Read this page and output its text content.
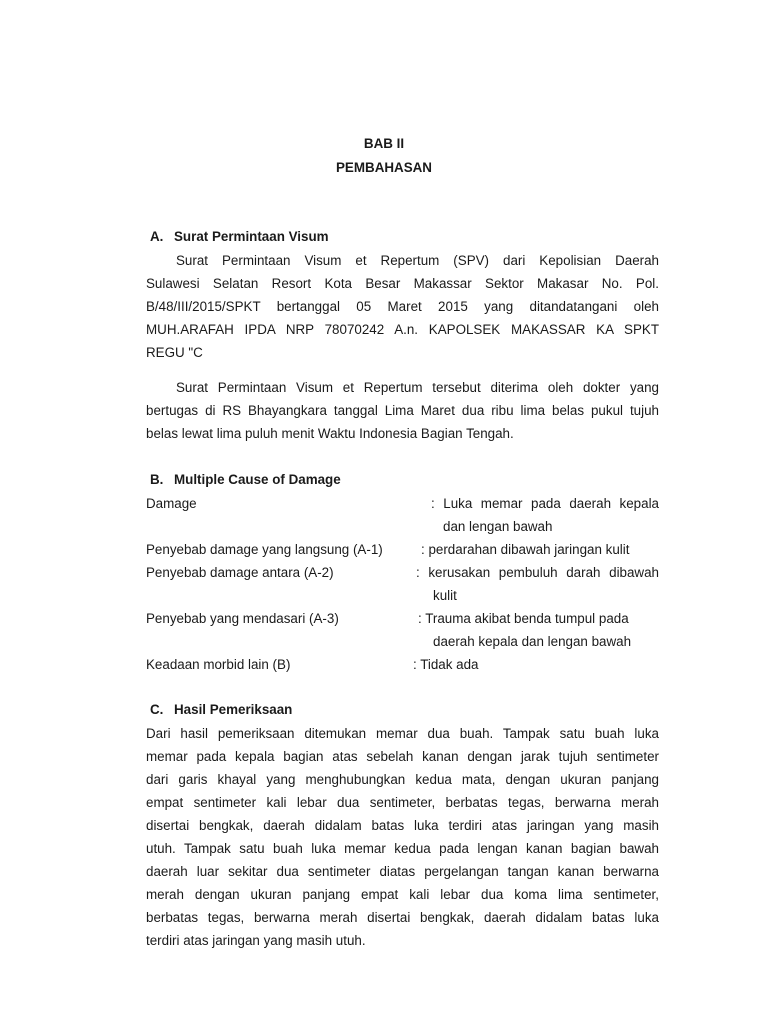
BAB II
PEMBAHASAN
A. Surat Permintaan Visum
Surat Permintaan Visum et Repertum (SPV) dari Kepolisian Daerah
Sulawesi Selatan Resort Kota Besar Makassar Sektor Makasar No. Pol.
B/48/III/2015/SPKT bertanggal 05 Maret 2015 yang ditandatangani oleh
MUH.ARAFAH IPDA NRP 78070242 A.n. KAPOLSEK MAKASSAR KA SPKT
REGU "C
Surat Permintaan Visum et Repertum tersebut diterima oleh dokter yang
bertugas di RS Bhayangkara tanggal Lima Maret dua ribu lima belas pukul tujuh
belas lewat lima puluh menit Waktu Indonesia Bagian Tengah.
B. Multiple Cause of Damage
Damage	: Luka memar pada daerah kepala
dan lengan bawah
Penyebab damage yang langsung (A-1)	: perdarahan dibawah jaringan kulit
Penyebab damage antara (A-2)	: kerusakan pembuluh darah dibawah
kulit
Penyebab yang mendasari (A-3)	: Trauma akibat benda tumpul pada
daerah kepala dan lengan bawah
Keadaan morbid lain (B)	: Tidak ada
C. Hasil Pemeriksaan
Dari hasil pemeriksaan ditemukan memar dua buah. Tampak satu buah luka
memar pada kepala bagian atas sebelah kanan dengan jarak tujuh sentimeter
dari garis khayal yang menghubungkan kedua mata, dengan ukuran panjang
empat sentimeter kali lebar dua sentimeter, berbatas tegas, berwarna merah
disertai bengkak, daerah didalam batas luka terdiri atas jaringan yang masih
utuh. Tampak satu buah luka memar kedua pada lengan kanan bagian bawah
daerah luar sekitar dua sentimeter diatas pergelangan tangan kanan berwarna
merah dengan ukuran panjang empat kali lebar dua koma lima sentimeter,
berbatas tegas, berwarna merah disertai bengkak, daerah didalam batas luka
terdiri atas jaringan yang masih utuh.
